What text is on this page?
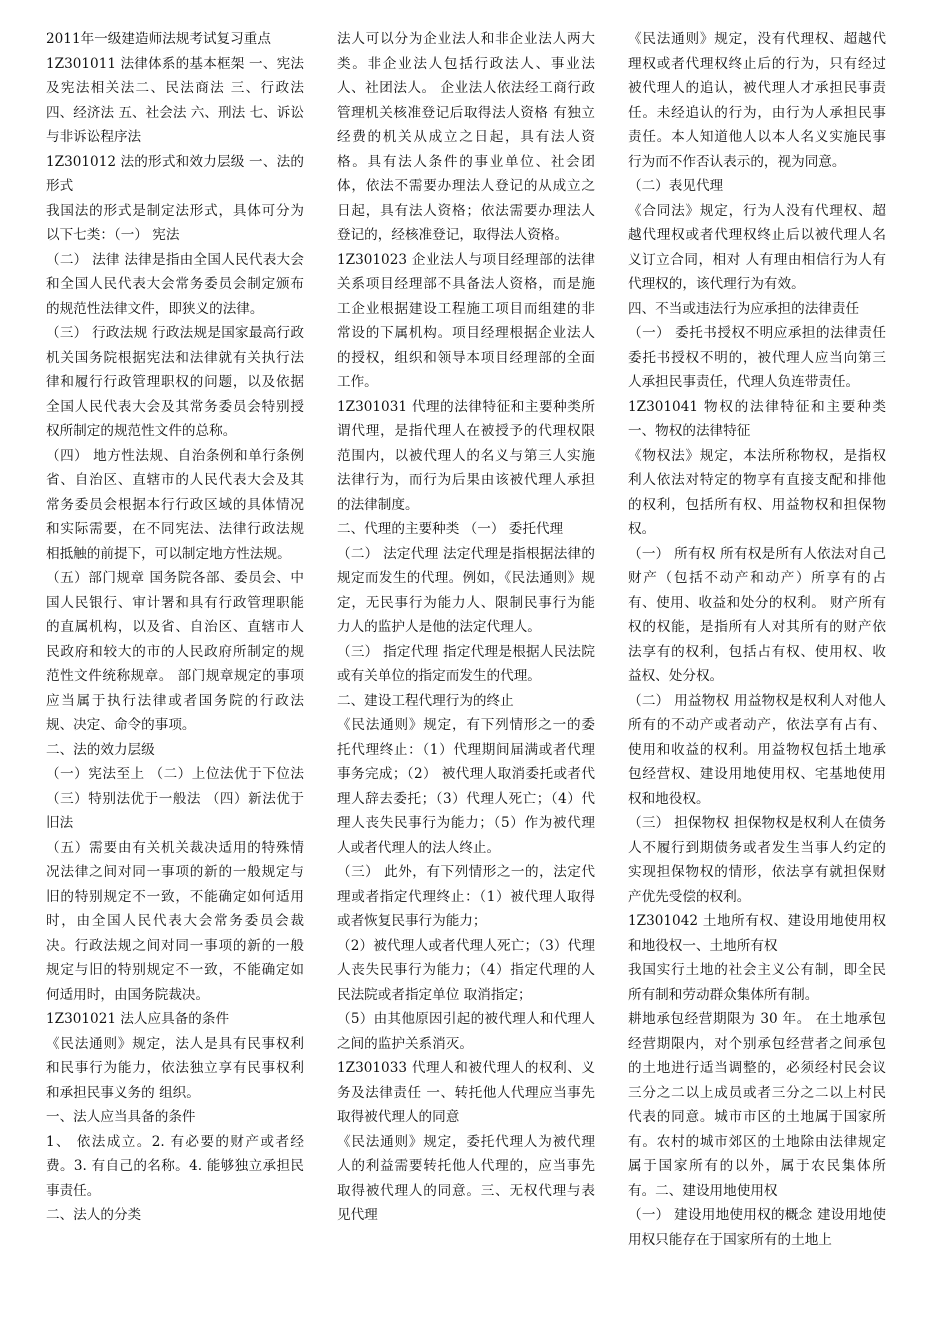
2011年一级建造师法规考试复习重点

1Z301011 法律体系的基本框架 一、宪法及宪法相关法二、民法商法 三、行政法 四、经济法 五、社会法 六、刑法 七、诉讼与非诉讼程序法

1Z301012 法的形式和效力层级 一、法的形式

我国法的形式是制定法形式，具体可分为以下七类：（一） 宪法

（二） 法律 法律是指由全国人民代表大会和全国人民代表大会常务委员会制定颁布的规范性法律文件，即狭义的法律。

（三） 行政法规 行政法规是国家最高行政机关国务院根据宪法和法律就有关执行法律和履行行政管理职权的问题，以及依据全国人民代表大会及其常务委员会特别授权所制定的规范性文件的总称。

（四） 地方性法规、自治条例和单行条例省、自治区、直辖市的人民代表大会及其常务委员会根据本行行政区域的具体情况和实际需要，在不同宪法、法律行政法规相抵触的前提下，可以制定地方性法规。

（五）部门规章 国务院各部、委员会、中国人民银行、审计署和具有行政管理职能的直属机构，以及省、自治区、直辖市人民政府和较大的市的人民政府所制定的规范性文件统称规章。 部门规章规定的事项应当属于执行法律或者国务院的行政法规、决定、命令的事项。

二、法的效力层级

（一）宪法至上 （二）上位法优于下位法 （三）特别法优于一般法 （四）新法优于旧法

（五）需要由有关机关裁决适用的特殊情况法律之间对同一事项的新的一般规定与旧的特别规定不一致，不能确定如何适用时，由全国人民代表大会常务委员会裁决。行政法规之间对同一事项的新的一般规定与旧的特别规定不一致，不能确定如何适用时，由国务院裁决。

1Z301021 法人应具备的条件

《民法通则》规定，法人是具有民事权利和民事行为能力，依法独立享有民事权利和承担民事义务的 组织。

一、法人应当具备的条件

1、 依法成立。2. 有必要的财产或者经费。3. 有自己的名称。4. 能够独立承担民事责任。

二、法人的分类

法人可以分为企业法人和非企业法人两大类。非企业法人包括行政法人、事业法人、社团法人。 企业法人依法经工商行政管理机关核准登记后取得法人资格 有独立经费的机关从成立之日起，具有法人资格。具有法人条件的事业单位、社会团体，依法不需要办理法人登记的从成立之日起，具有法人资格；依法需要办理法人登记的，经核准登记，取得法人资格。

1Z301023 企业法人与项目经理部的法律关系项目经理部不具备法人资格，而是施工企业根据建设工程施工项目而组建的非常设的下属机构。项目经理根据企业法人的授权，组织和领导本项目经理部的全面工作。

1Z301031 代理的法律特征和主要种类所谓代理，是指代理人在被授予的代理权限范围内，以被代理人的名义与第三人实施法律行为，而行为后果由该被代理人承担的法律制度。

二、代理的主要种类 （一） 委托代理

（二） 法定代理 法定代理是指根据法律的规定而发生的代理。例如，《民法通则》规定，无民事行为能力人、限制民事行为能力人的监护人是他的法定代理人。

（三） 指定代理 指定代理是根据人民法院或有关单位的指定而发生的代理。

二、建设工程代理行为的终止

《民法通则》规定，有下列情形之一的委托代理终止：（1）代理期间届满或者代理事务完成；（2） 被代理人取消委托或者代理人辞去委托；（3）代理人死亡；（4）代理人丧失民事行为能力；（5）作为被代理人或者代理人的法人终止。

（三） 此外，有下列情形之一的，法定代理或者指定代理终止：（1）被代理人取得或者恢复民事行为能力；

（2）被代理人或者代理人死亡；（3）代理人丧失民事行为能力；（4）指定代理的人民法院或者指定单位 取消指定；

（5）由其他原因引起的被代理人和代理人之间的监护关系消灭。

1Z301033 代理人和被代理人的权利、义务及法律责任 一、转托他人代理应当事先取得被代理人的同意

《民法通则》规定，委托代理人为被代理人的利益需要转托他人代理的，应当事先取得被代理人的同意。三、无权代理与表见代理

《民法通则》规定，没有代理权、超越代理权或者代理权终止后的行为，只有经过被代理人的追认，被代理人才承担民事责任。未经追认的行为，由行为人承担民事责任。本人知道他人以本人名义实施民事 行为而不作否认表示的，视为同意。

（二）表见代理

《合同法》规定，行为人没有代理权、超越代理权或者代理权终止后以被代理人名义订立合同，相对 人有理由相信行为人有代理权的，该代理行为有效。

四、不当或违法行为应承担的法律责任

（一） 委托书授权不明应承担的法律责任委托书授权不明的，被代理人应当向第三人承担民事责任，代理人负连带责任。

1Z301041 物权的法律特征和主要种类一、物权的法律特征

《物权法》规定，本法所称物权，是指权利人依法对特定的物享有直接支配和排他的权利，包括所有权、用益物权和担保物权。

（一） 所有权 所有权是所有人依法对自己财产（包括不动产和动产）所享有的占有、使用、收益和处分的权利。 财产所有权的权能，是指所有人对其所有的财产依法享有的权利，包括占有权、使用权、收益权、处分权。

（二） 用益物权 用益物权是权利人对他人所有的不动产或者动产，依法享有占有、使用和收益的权利。用益物权包括土地承包经营权、建设用地使用权、宅基地使用权和地役权。

（三） 担保物权 担保物权是权利人在债务人不履行到期债务或者发生当事人约定的实现担保物权的情形，依法享有就担保财产优先受偿的权利。

1Z301042 土地所有权、建设用地使用权和地役权一、土地所有权

我国实行土地的社会主义公有制，即全民所有制和劳动群众集体所有制。

耕地承包经营期限为 30 年。 在土地承包经营期限内，对个别承包经营者之间承包的土地进行适当调整的，必须经村民会议三分之二以上成员或者三分之二以上村民代表的同意。城市市区的土地属于国家所有。农村的城市郊区的土地除由法律规定属于国家所有的以外，属于农民集体所有。二、建设用地使用权

（一） 建设用地使用权的概念 建设用地使用权只能存在于国家所有的土地上
